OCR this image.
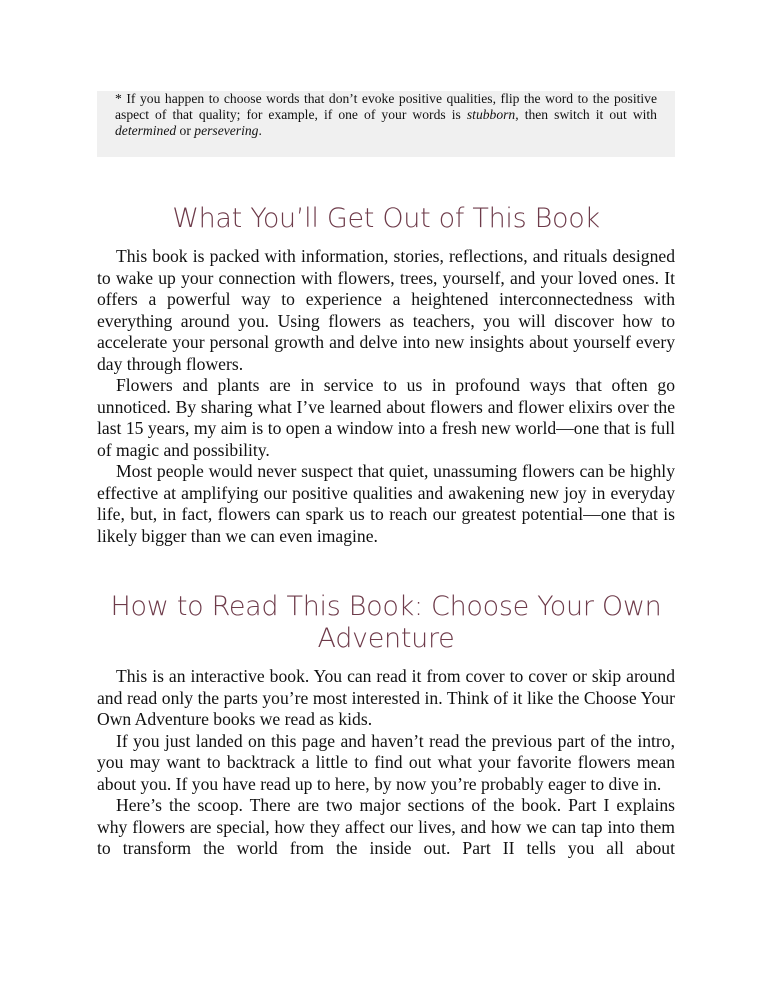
* If you happen to choose words that don’t evoke positive qualities, flip the word to the positive aspect of that quality; for example, if one of your words is stubborn, then switch it out with determined or persevering.

What You’ll Get Out of This Book

This book is packed with information, stories, reflections, and rituals designed to wake up your connection with flowers, trees, yourself, and your loved ones. It offers a powerful way to experience a heightened interconnectedness with everything around you. Using flowers as teachers, you will discover how to accelerate your personal growth and delve into new insights about yourself every day through flowers.

Flowers and plants are in service to us in profound ways that often go unnoticed. By sharing what I’ve learned about flowers and flower elixirs over the last 15 years, my aim is to open a window into a fresh new world—one that is full of magic and possibility.

Most people would never suspect that quiet, unassuming flowers can be highly effective at amplifying our positive qualities and awakening new joy in everyday life, but, in fact, flowers can spark us to reach our greatest potential—one that is likely bigger than we can even imagine.

How to Read This Book: Choose Your Own Adventure

This is an interactive book. You can read it from cover to cover or skip around and read only the parts you’re most interested in. Think of it like the Choose Your Own Adventure books we read as kids.

If you just landed on this page and haven’t read the previous part of the intro, you may want to backtrack a little to find out what your favorite flowers mean about you. If you have read up to here, by now you’re probably eager to dive in.

Here’s the scoop. There are two major sections of the book. Part I explains why flowers are special, how they affect our lives, and how we can tap into them to transform the world from the inside out. Part II tells you all about
